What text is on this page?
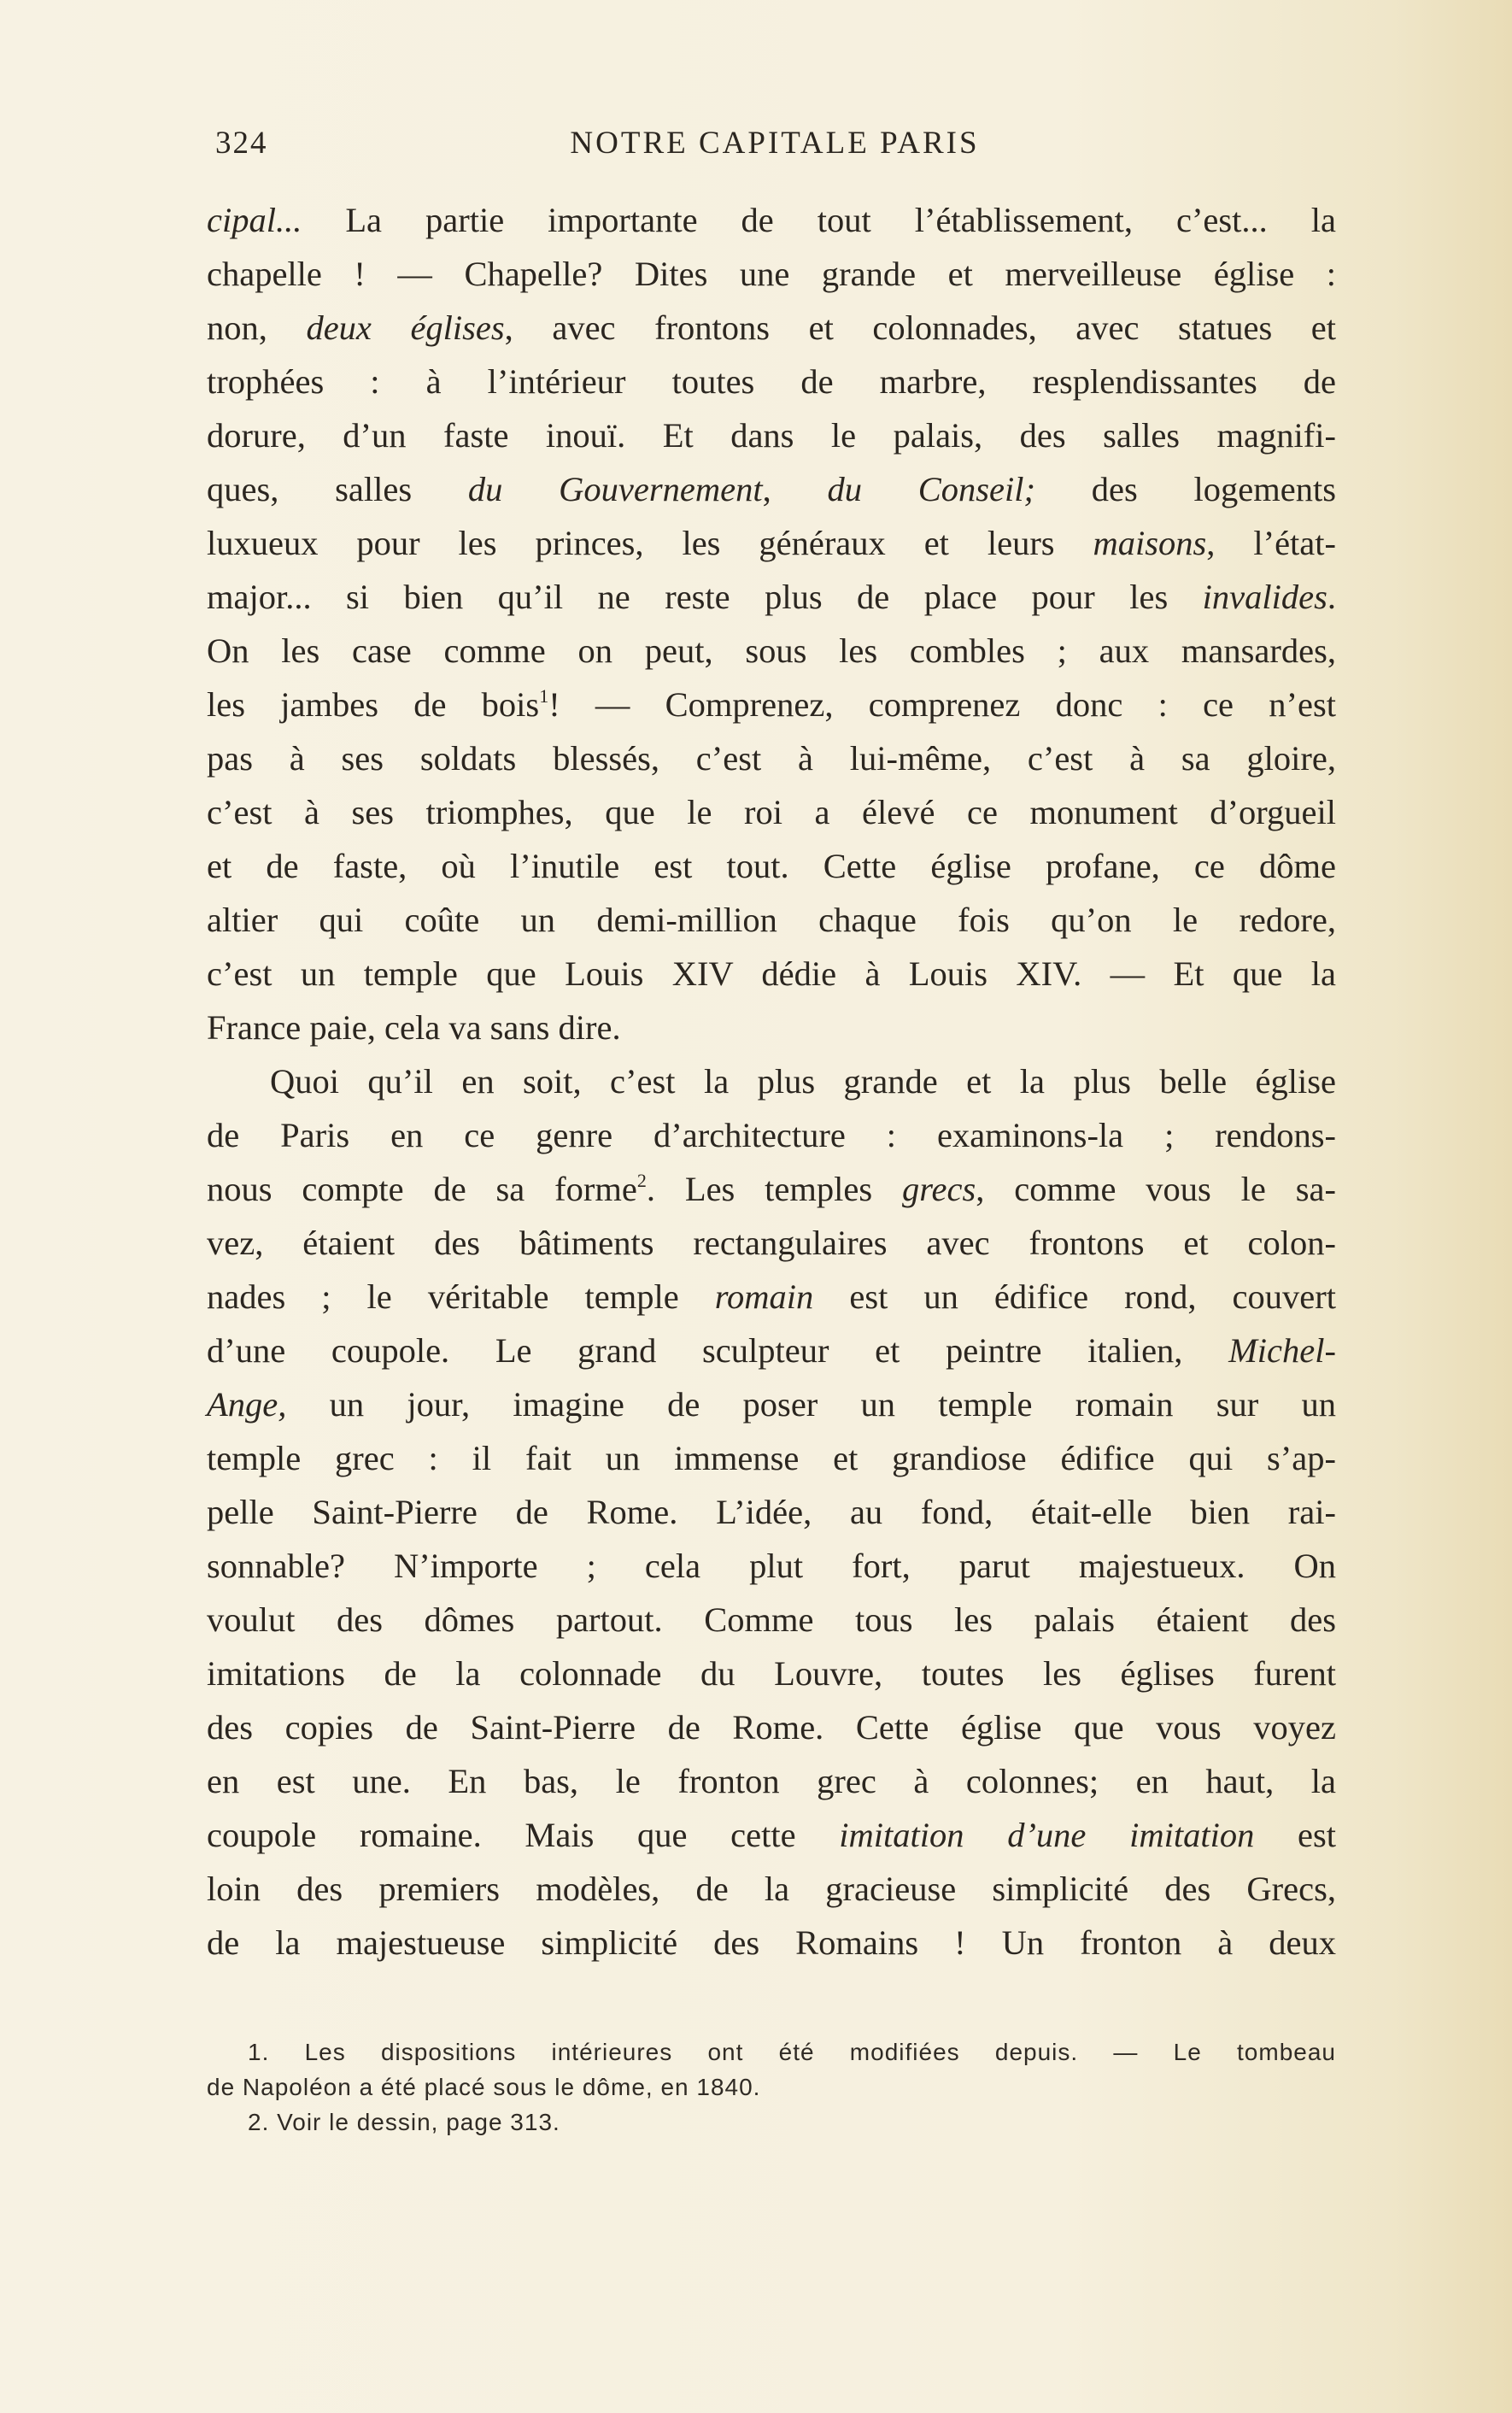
324	NOTRE CAPITALE PARIS
cipal... La partie importante de tout l’établissement, c’est... la
chapelle ! — Chapelle? Dites une grande et merveilleuse église :
non, deux églises, avec frontons et colonnades, avec statues et
trophées : à l’intérieur toutes de marbre, resplendissantes de
dorure, d’un faste inouï. Et dans le palais, des salles magnifi-
ques, salles du Gouvernement, du Conseil; des logements
luxueux pour les princes, les généraux et leurs maisons, l’état-
major... si bien qu’il ne reste plus de place pour les invalides.
On les case comme on peut, sous les combles ; aux mansardes,
les jambes de bois$^1$! — Comprenez, comprenez donc : ce n’est
pas à ses soldats blessés, c’est à lui-même, c’est à sa gloire,
c’est à ses triomphes, que le roi a élevé ce monument d’orgueil
et de faste, où l’inutile est tout. Cette église profane, ce dôme
altier qui coûte un demi-million chaque fois qu’on le redore,
c’est un temple que Louis XIV dédie à Louis XIV. — Et que la
France paie, cela va sans dire.
Quoi qu’il en soit, c’est la plus grande et la plus belle église
de Paris en ce genre d’architecture : examinons-la ; rendons-
nous compte de sa forme$^2$. Les temples grecs, comme vous le sa-
vez, étaient des bâtiments rectangulaires avec frontons et colon-
nades ; le véritable temple romain est un édifice rond, couvert
d’une coupole. Le grand sculpteur et peintre italien, Michel-
Ange, un jour, imagine de poser un temple romain sur un
temple grec : il fait un immense et grandiose édifice qui s’ap-
pelle Saint-Pierre de Rome. L’idée, au fond, était-elle bien rai-
sonnable? N’importe ; cela plut fort, parut majestueux. On
voulut des dômes partout. Comme tous les palais étaient des
imitations de la colonnade du Louvre, toutes les églises furent
des copies de Saint-Pierre de Rome. Cette église que vous voyez
en est une. En bas, le fronton grec à colonnes; en haut, la
coupole romaine. Mais que cette imitation d’une imitation est
loin des premiers modèles, de la gracieuse simplicité des Grecs,
de la majestueuse simplicité des Romains ! Un fronton à deux
1. Les dispositions intérieures ont été modifiées depuis. — Le tombeau
de Napoléon a été placé sous le dôme, en 1840.
2. Voir le dessin, page 313.
